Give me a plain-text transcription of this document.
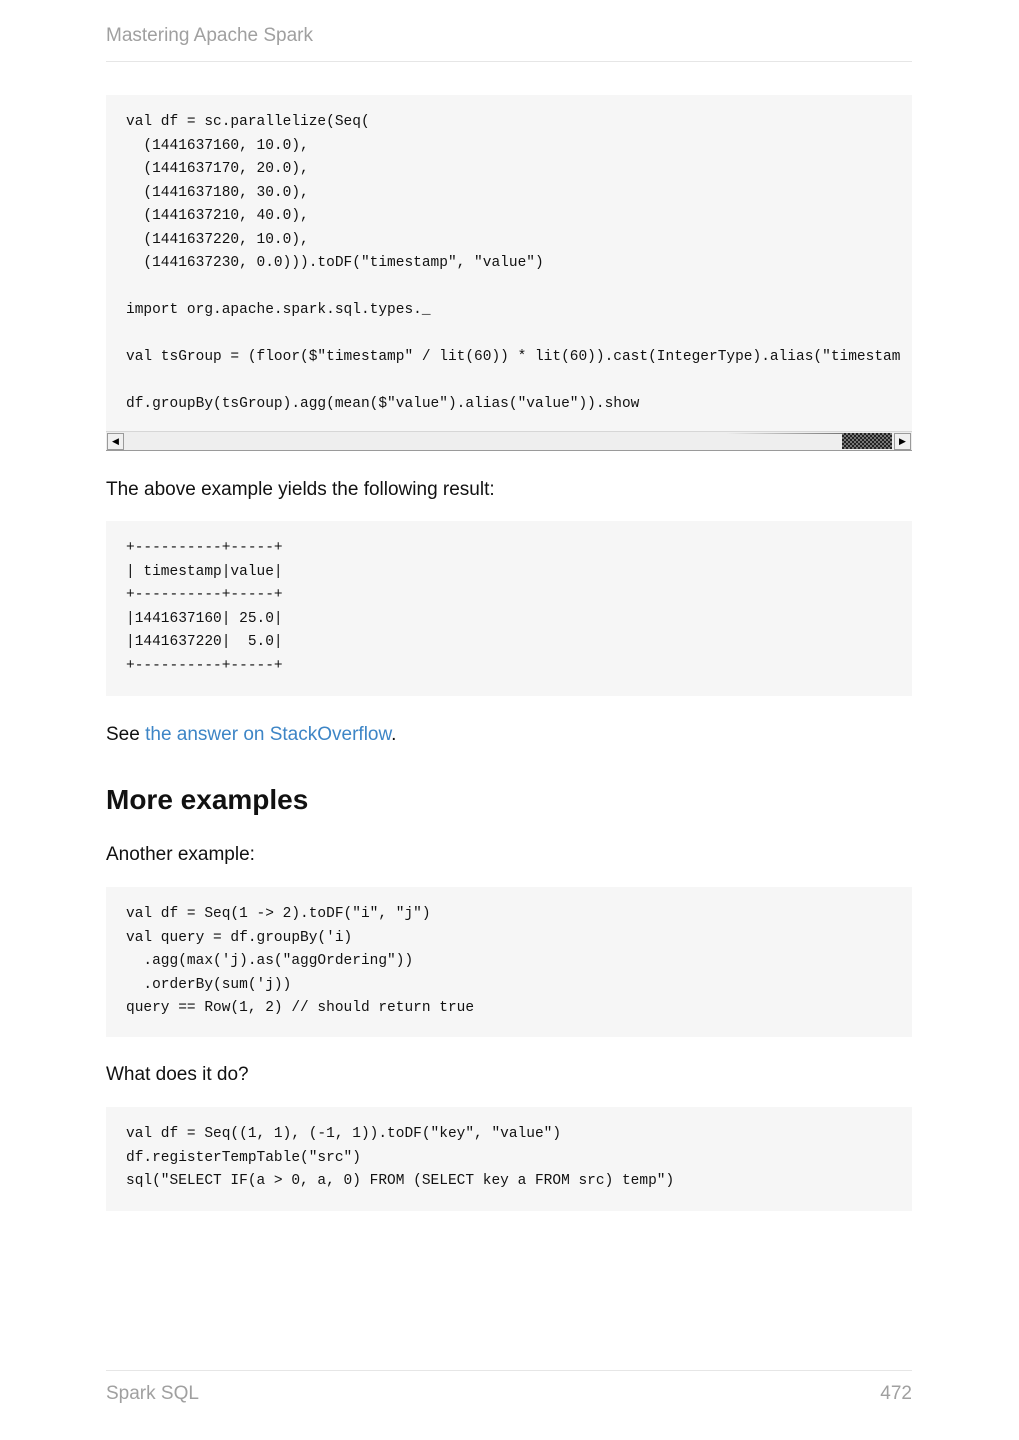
Mastering Apache Spark
val df = sc.parallelize(Seq(
(1441637160, 10.0),
(1441637170, 20.0),
(1441637180, 30.0),
(1441637210, 40.0),
(1441637220, 10.0),
(1441637230, 0.0))).toDF("timestamp", "value")
import org.apache.spark.sql.types._
val tsGroup = (floor($"timestamp" / lit(60)) * lit(60)).cast(IntegerType).alias("timestam
df.groupBy(tsGroup).agg(mean($"value").alias("value")).show
◀	▶
The above example yields the following result:
+----------+-----+
| timestamp|value|
+----------+-----+
|1441637160| 25.0|
|1441637220|  5.0|
+----------+-----+
See the answer on StackOverflow.
More examples
Another example:
val df = Seq(1 -> 2).toDF("i", "j")
val query = df.groupBy('i)
.agg(max('j).as("aggOrdering"))
.orderBy(sum('j))
query == Row(1, 2) // should return true
What does it do?
val df = Seq((1, 1), (-1, 1)).toDF("key", "value")
df.registerTempTable("src")
sql("SELECT IF(a > 0, a, 0) FROM (SELECT key a FROM src) temp")
Spark SQL	472
